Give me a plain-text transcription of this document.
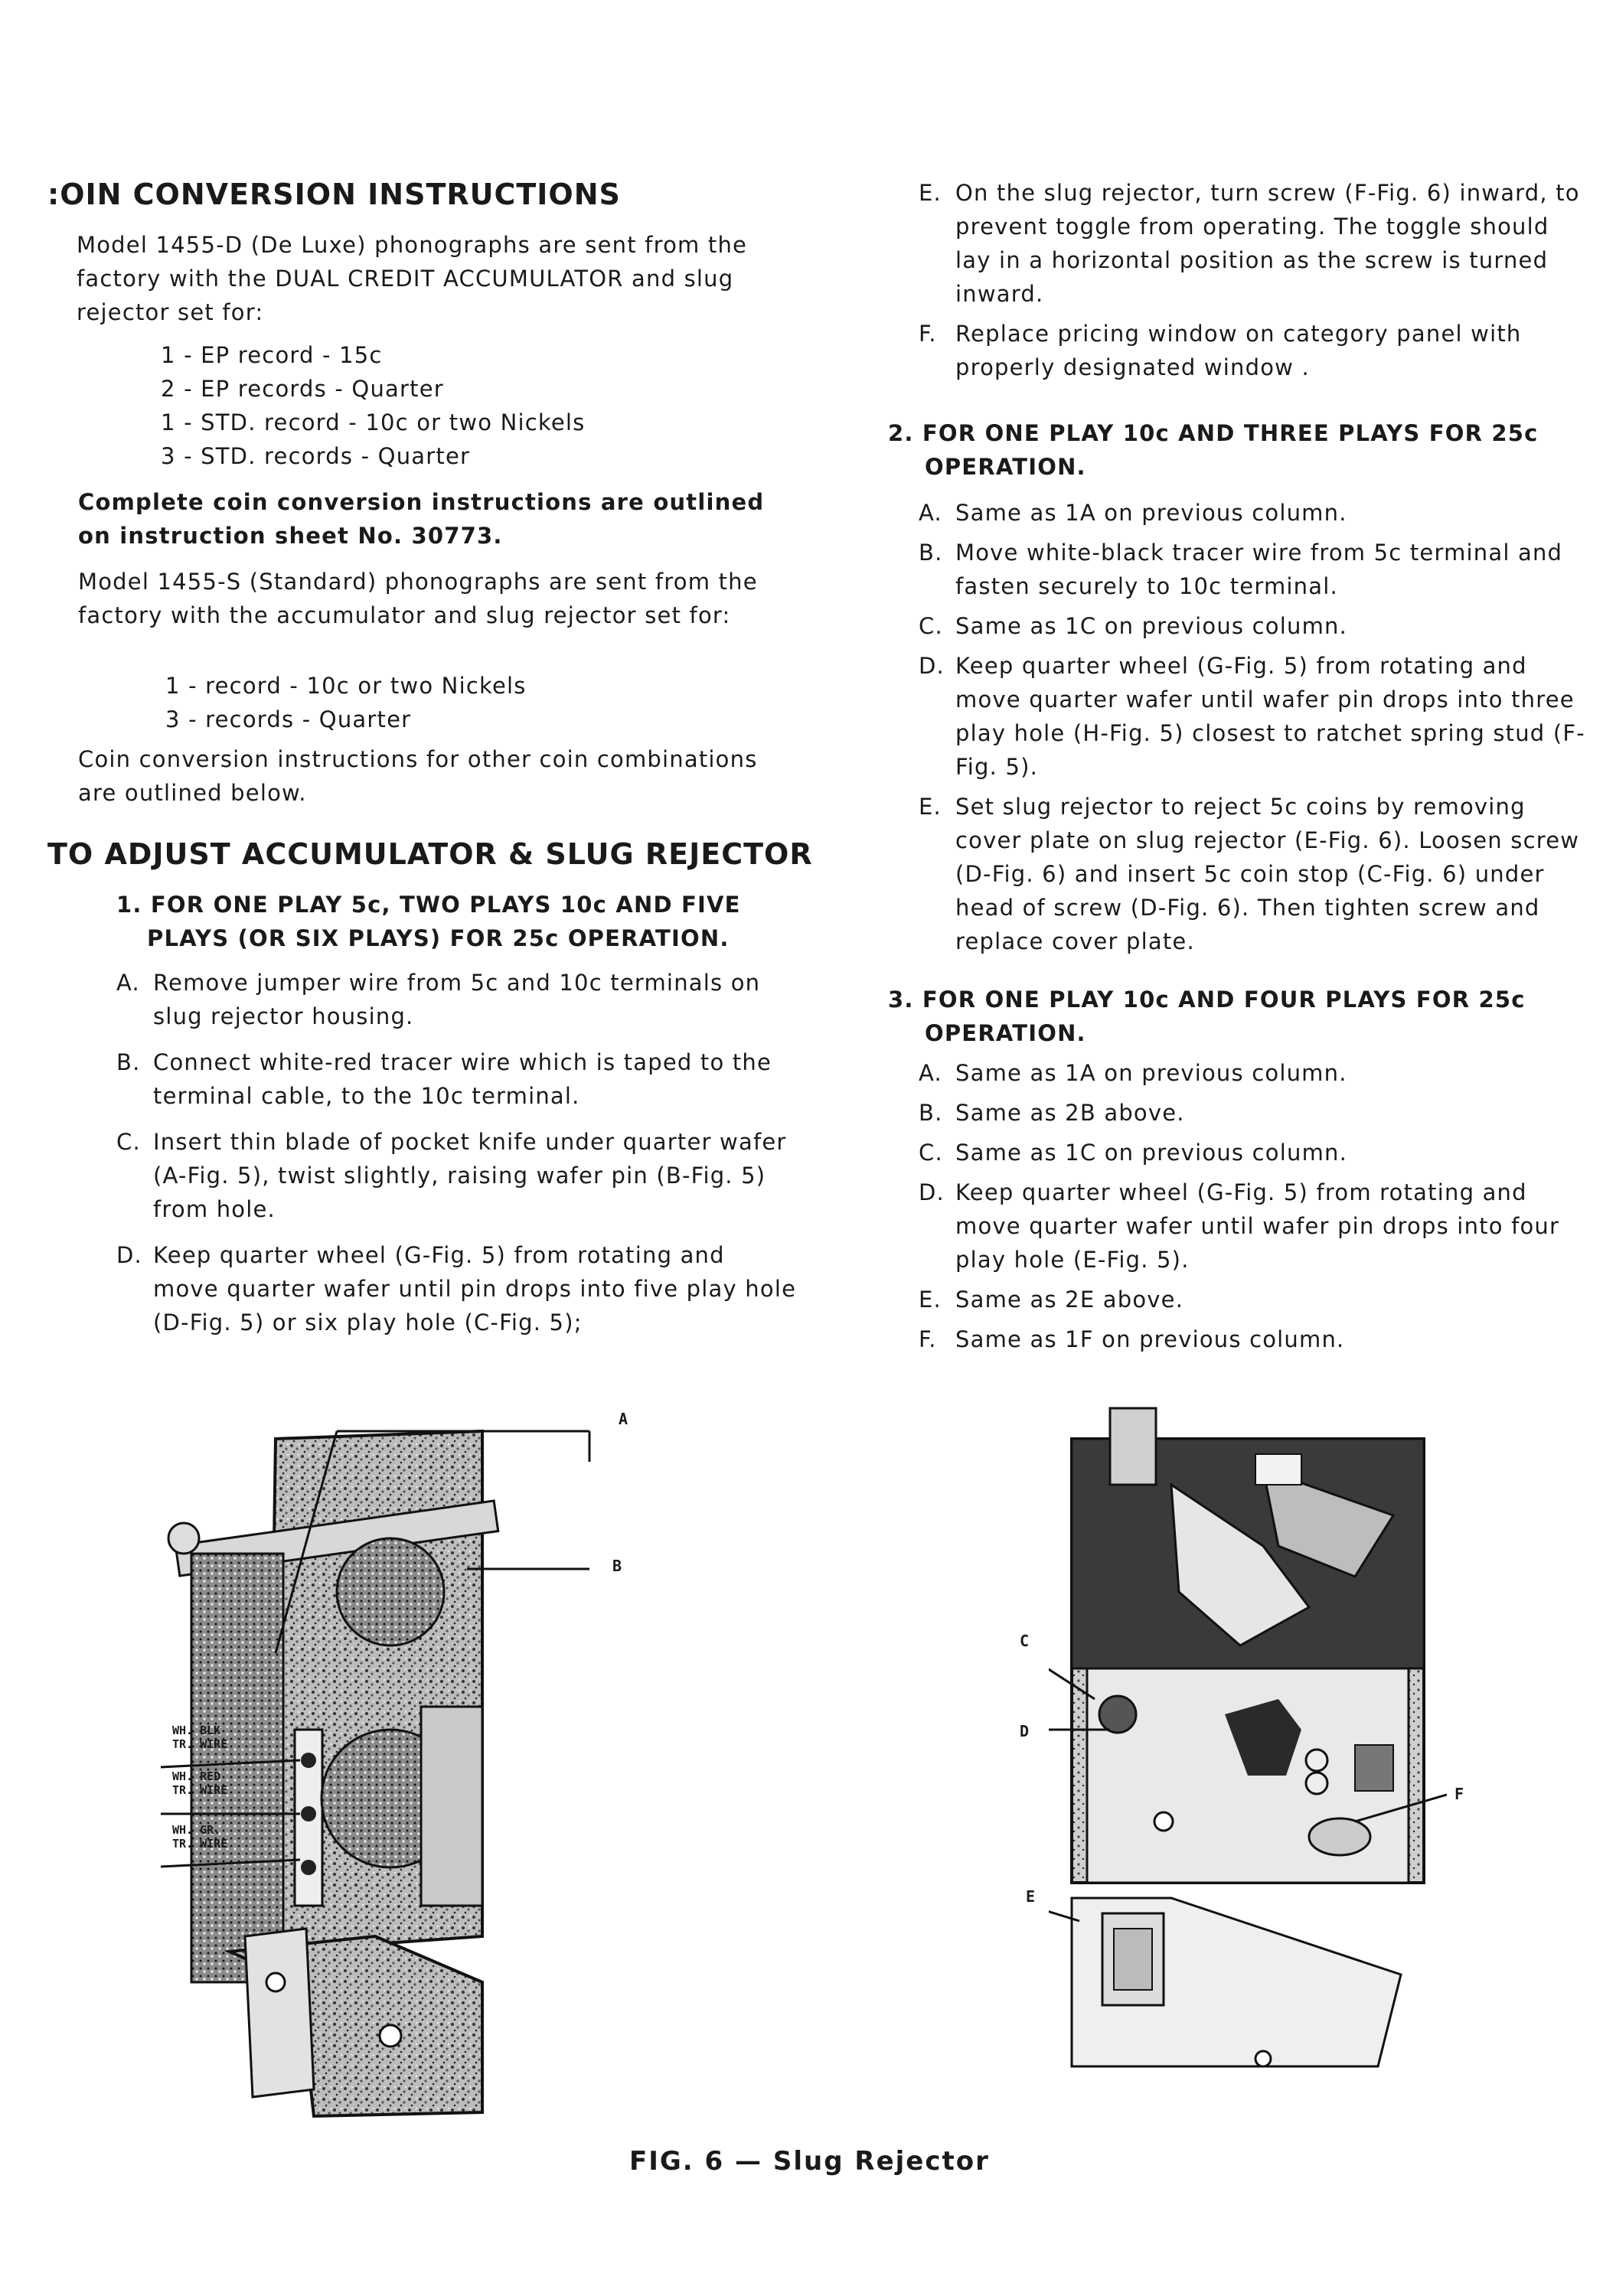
:OIN CONVERSION INSTRUCTIONS
Model 1455-D (De Luxe) phonographs are sent from the factory with the DUAL CREDIT ACCUMULATOR and slug rejector set for:
1 - EP record - 15c
2 - EP records - Quarter
1 - STD. record - 10c or two Nickels
3 - STD. records - Quarter
Complete coin conversion instructions are outlined on instruction sheet No. 30773.
Model 1455-S (Standard) phonographs are sent from the factory with the accumulator and slug rejector set for:
1 - record - 10c or two Nickels
3 - records - Quarter
Coin conversion instructions for other coin combinations are outlined below.
TO ADJUST ACCUMULATOR & SLUG REJECTOR
1. FOR ONE PLAY 5c, TWO PLAYS 10c AND FIVE PLAYS (OR SIX PLAYS) FOR 25c OPERATION.
A. Remove jumper wire from 5c and 10c terminals on slug rejector housing.
B. Connect white-red tracer wire which is taped to the terminal cable, to the 10c terminal.
C. Insert thin blade of pocket knife under quarter wafer (A-Fig. 5), twist slightly, raising wafer pin (B-Fig. 5) from hole.
D. Keep quarter wheel (G-Fig. 5) from rotating and move quarter wafer until pin drops into five play hole (D-Fig. 5) or six play hole (C-Fig. 5);
E. On the slug rejector, turn screw (F-Fig. 6) inward, to prevent toggle from operating. The toggle should lay in a horizontal position as the screw is turned inward.
F. Replace pricing window on category panel with properly designated window .
2. FOR ONE PLAY 10c AND THREE PLAYS FOR 25c OPERATION.
A. Same as 1A on previous column.
B. Move white-black tracer wire from 5c terminal and fasten securely to 10c terminal.
C. Same as 1C on previous column.
D. Keep quarter wheel (G-Fig. 5) from rotating and move quarter wafer until wafer pin drops into three play hole (H-Fig. 5) closest to ratchet spring stud (F-Fig. 5).
E. Set slug rejector to reject 5c coins by removing cover plate on slug rejector (E-Fig. 6). Loosen screw (D-Fig. 6) and insert 5c coin stop (C-Fig. 6) under head of screw (D-Fig. 6). Then tighten screw and replace cover plate.
3. FOR ONE PLAY 10c AND FOUR PLAYS FOR 25c OPERATION.
A. Same as 1A on previous column.
B. Same as 2B above.
C. Same as 1C on previous column.
D. Keep quarter wheel (G-Fig. 5) from rotating and move quarter wafer until wafer pin drops into four play hole (E-Fig. 5).
E. Same as 2E above.
F. Same as 1F on previous column.
A
B
WH. BLK
TR. WIRE
WH. RED
TR. WIRE
WH. GR.
TR. WIRE
C
D
E
F
FIG. 6 — Slug Rejector
